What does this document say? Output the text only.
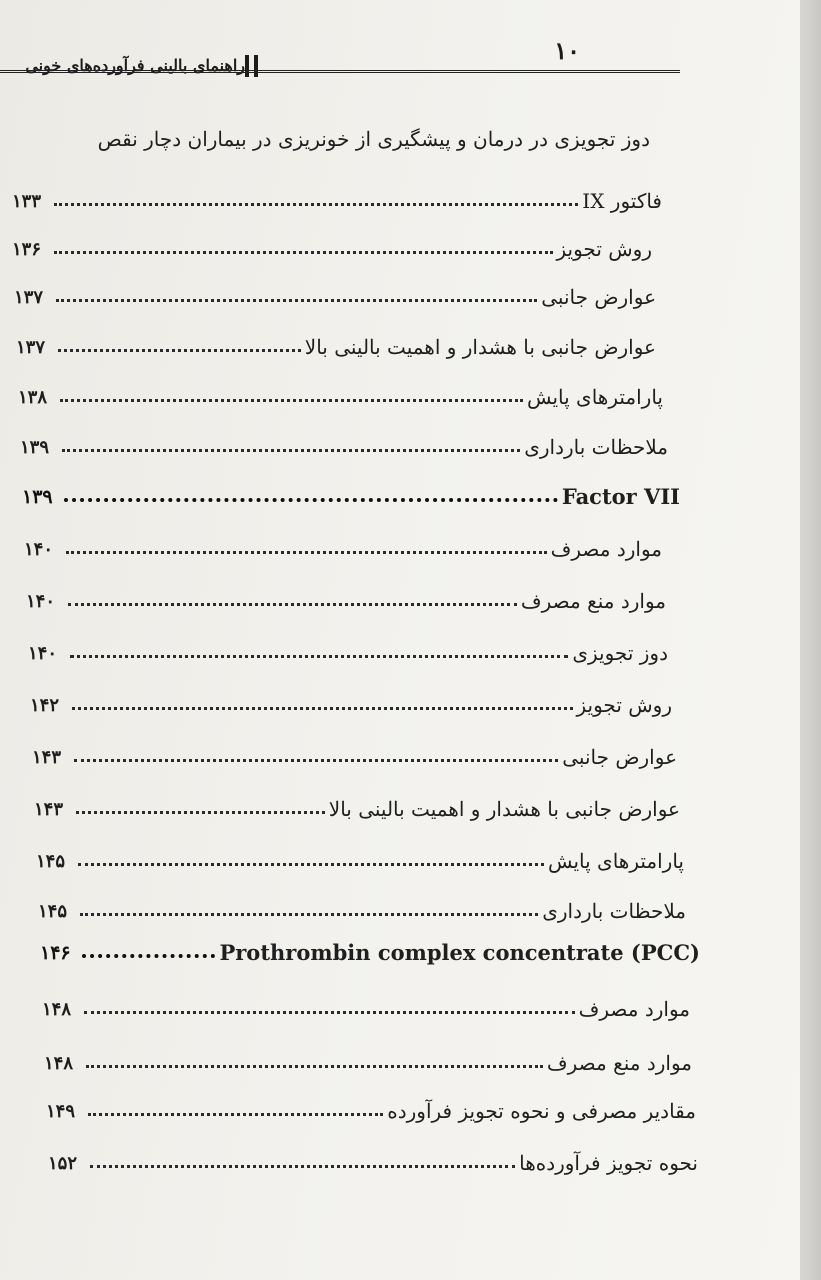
۱۰
راهنمای بالینی فرآورده‌های خونی
دوز تجویزی در درمان و پیشگیری از خونریزی در بیماران دچار نقص
۱۳۳	فاکتور IX
۱۳۶	روش تجویز
۱۳۷	عوارض جانبی
۱۳۷	عوارض جانبی با هشدار و اهمیت بالینی بالا
۱۳۸	پارامترهای پایش
۱۳۹	ملاحظات بارداری
۱۳۹	Factor VII
۱۴۰	موارد مصرف
۱۴۰	موارد منع مصرف
۱۴۰	دوز تجویزی
۱۴۲	روش تجویز
۱۴۳	عوارض جانبی
۱۴۳	عوارض جانبی با هشدار و اهمیت بالینی بالا
۱۴۵	پارامترهای پایش
۱۴۵	ملاحظات بارداری
۱۴۶	Prothrombin complex concentrate (PCC)
۱۴۸	موارد مصرف
۱۴۸	موارد منع مصرف
۱۴۹	مقادیر مصرفی و نحوه تجویز فرآورده
۱۵۲	نحوه تجویز فرآورده‌ها
